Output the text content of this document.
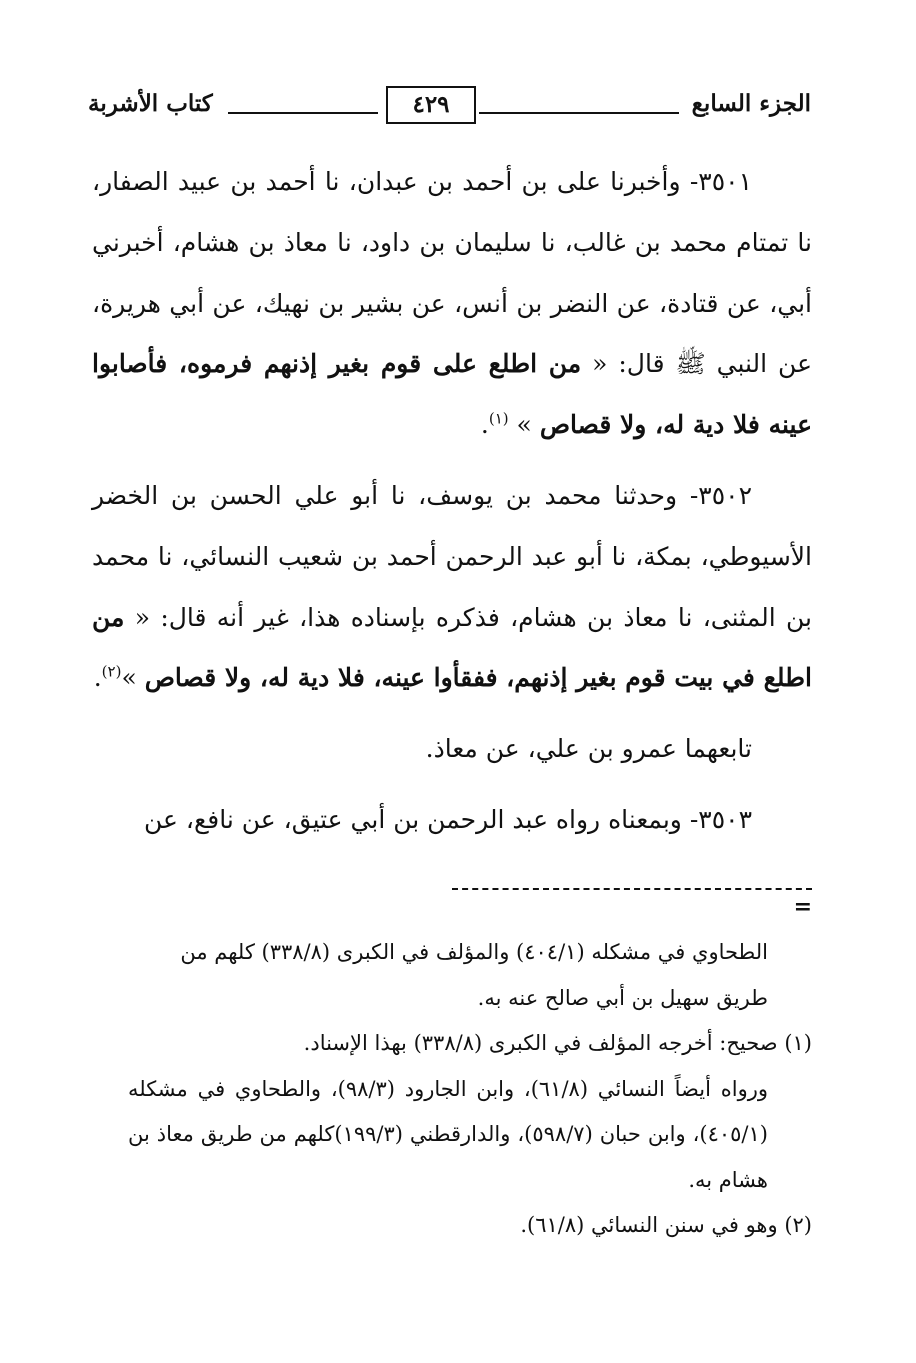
الجزء السابع
٤٢٩
كتاب الأشربة

٣٥٠١- وأخبرنا على بن أحمد بن عبدان، نا أحمد بن عبيد الصفار، نا تمتام محمد بن غالب، نا سليمان بن داود، نا معاذ بن هشام، أخبرني أبي، عن قتادة، عن النضر بن أنس، عن بشير بن نهيك، عن أبي هريرة، عن النبي ﷺ قال: « من اطلع على قوم بغير إذنهم فرموه، فأصابوا عينه فلا دية له، ولا قصاص » $^{(١)}$.

٣٥٠٢- وحدثنا محمد بن يوسف، نا أبو علي الحسن بن الخضر الأسيوطي، بمكة، نا أبو عبد الرحمن أحمد بن شعيب النسائي، نا محمد بن المثنى، نا معاذ بن هشام، فذكره بإسناده هذا، غير أنه قال: « من اطلع في بيت قوم بغير إذنهم، ففقأوا عينه، فلا دية له، ولا قصاص »$^{(٢)}$.

تابعهما عمرو بن علي، عن معاذ.

٣٥٠٣- وبمعناه رواه عبد الرحمن بن أبي عتيق، عن نافع، عن

=

الطحاوي في مشكله (٤٠٤/١) والمؤلف في الكبرى (٣٣٨/٨) كلهم من

طريق سهيل بن أبي صالح عنه به.

(١) صحيح: أخرجه المؤلف في الكبرى (٣٣٨/٨) بهذا الإسناد.

ورواه أيضاً النسائي (٦١/٨)، وابن الجارود (٩٨/٣)، والطحاوي في مشكله (٤٠٥/١)، وابن حبان (٥٩٨/٧)، والدارقطني (١٩٩/٣)كلهم من طريق معاذ بن هشام به.

(٢) وهو في سنن النسائي (٦١/٨).
